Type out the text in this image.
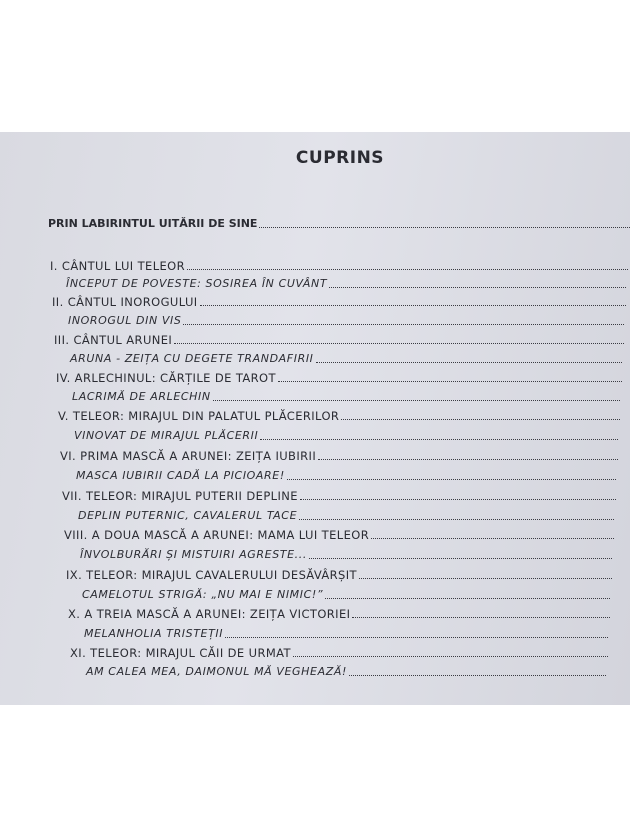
CUPRINS
PRIN LABIRINTUL UITĂRII DE SINE
I. CÂNTUL LUI TELEOR
ÎNCEPUT DE POVESTE: SOSIREA ÎN CUVÂNT
II. CÂNTUL INOROGULUI
INOROGUL DIN VIS
III. CÂNTUL ARUNEI
ARUNA - ZEIȚA CU DEGETE TRANDAFIRII
IV. ARLECHINUL: CĂRȚILE DE TAROT
LACRIMĂ DE ARLECHIN
V. TELEOR: MIRAJUL DIN PALATUL PLĂCERILOR
VINOVAT DE MIRAJUL PLĂCERII
VI. PRIMA MASCĂ A ARUNEI: ZEIȚA IUBIRII
MASCA IUBIRII CADĂ LA PICIOARE!
VII. TELEOR: MIRAJUL PUTERII DEPLINE
DEPLIN PUTERNIC, CAVALERUL TACE
VIII. A DOUA MASCĂ A ARUNEI: MAMA LUI TELEOR
ÎNVOLBURĂRI ȘI MISTUIRI AGRESTE...
IX. TELEOR: MIRAJUL CAVALERULUI DESĂVÂRȘIT
CAMELOTUL STRIGĂ: „NU MAI E NIMIC!”
X. A TREIA MASCĂ A ARUNEI: ZEIȚA VICTORIEI
MELANHOLIA TRISTEȚII
XI. TELEOR: MIRAJUL CĂII DE URMAT
AM CALEA MEA, DAIMONUL MĂ VEGHEAZĂ!
